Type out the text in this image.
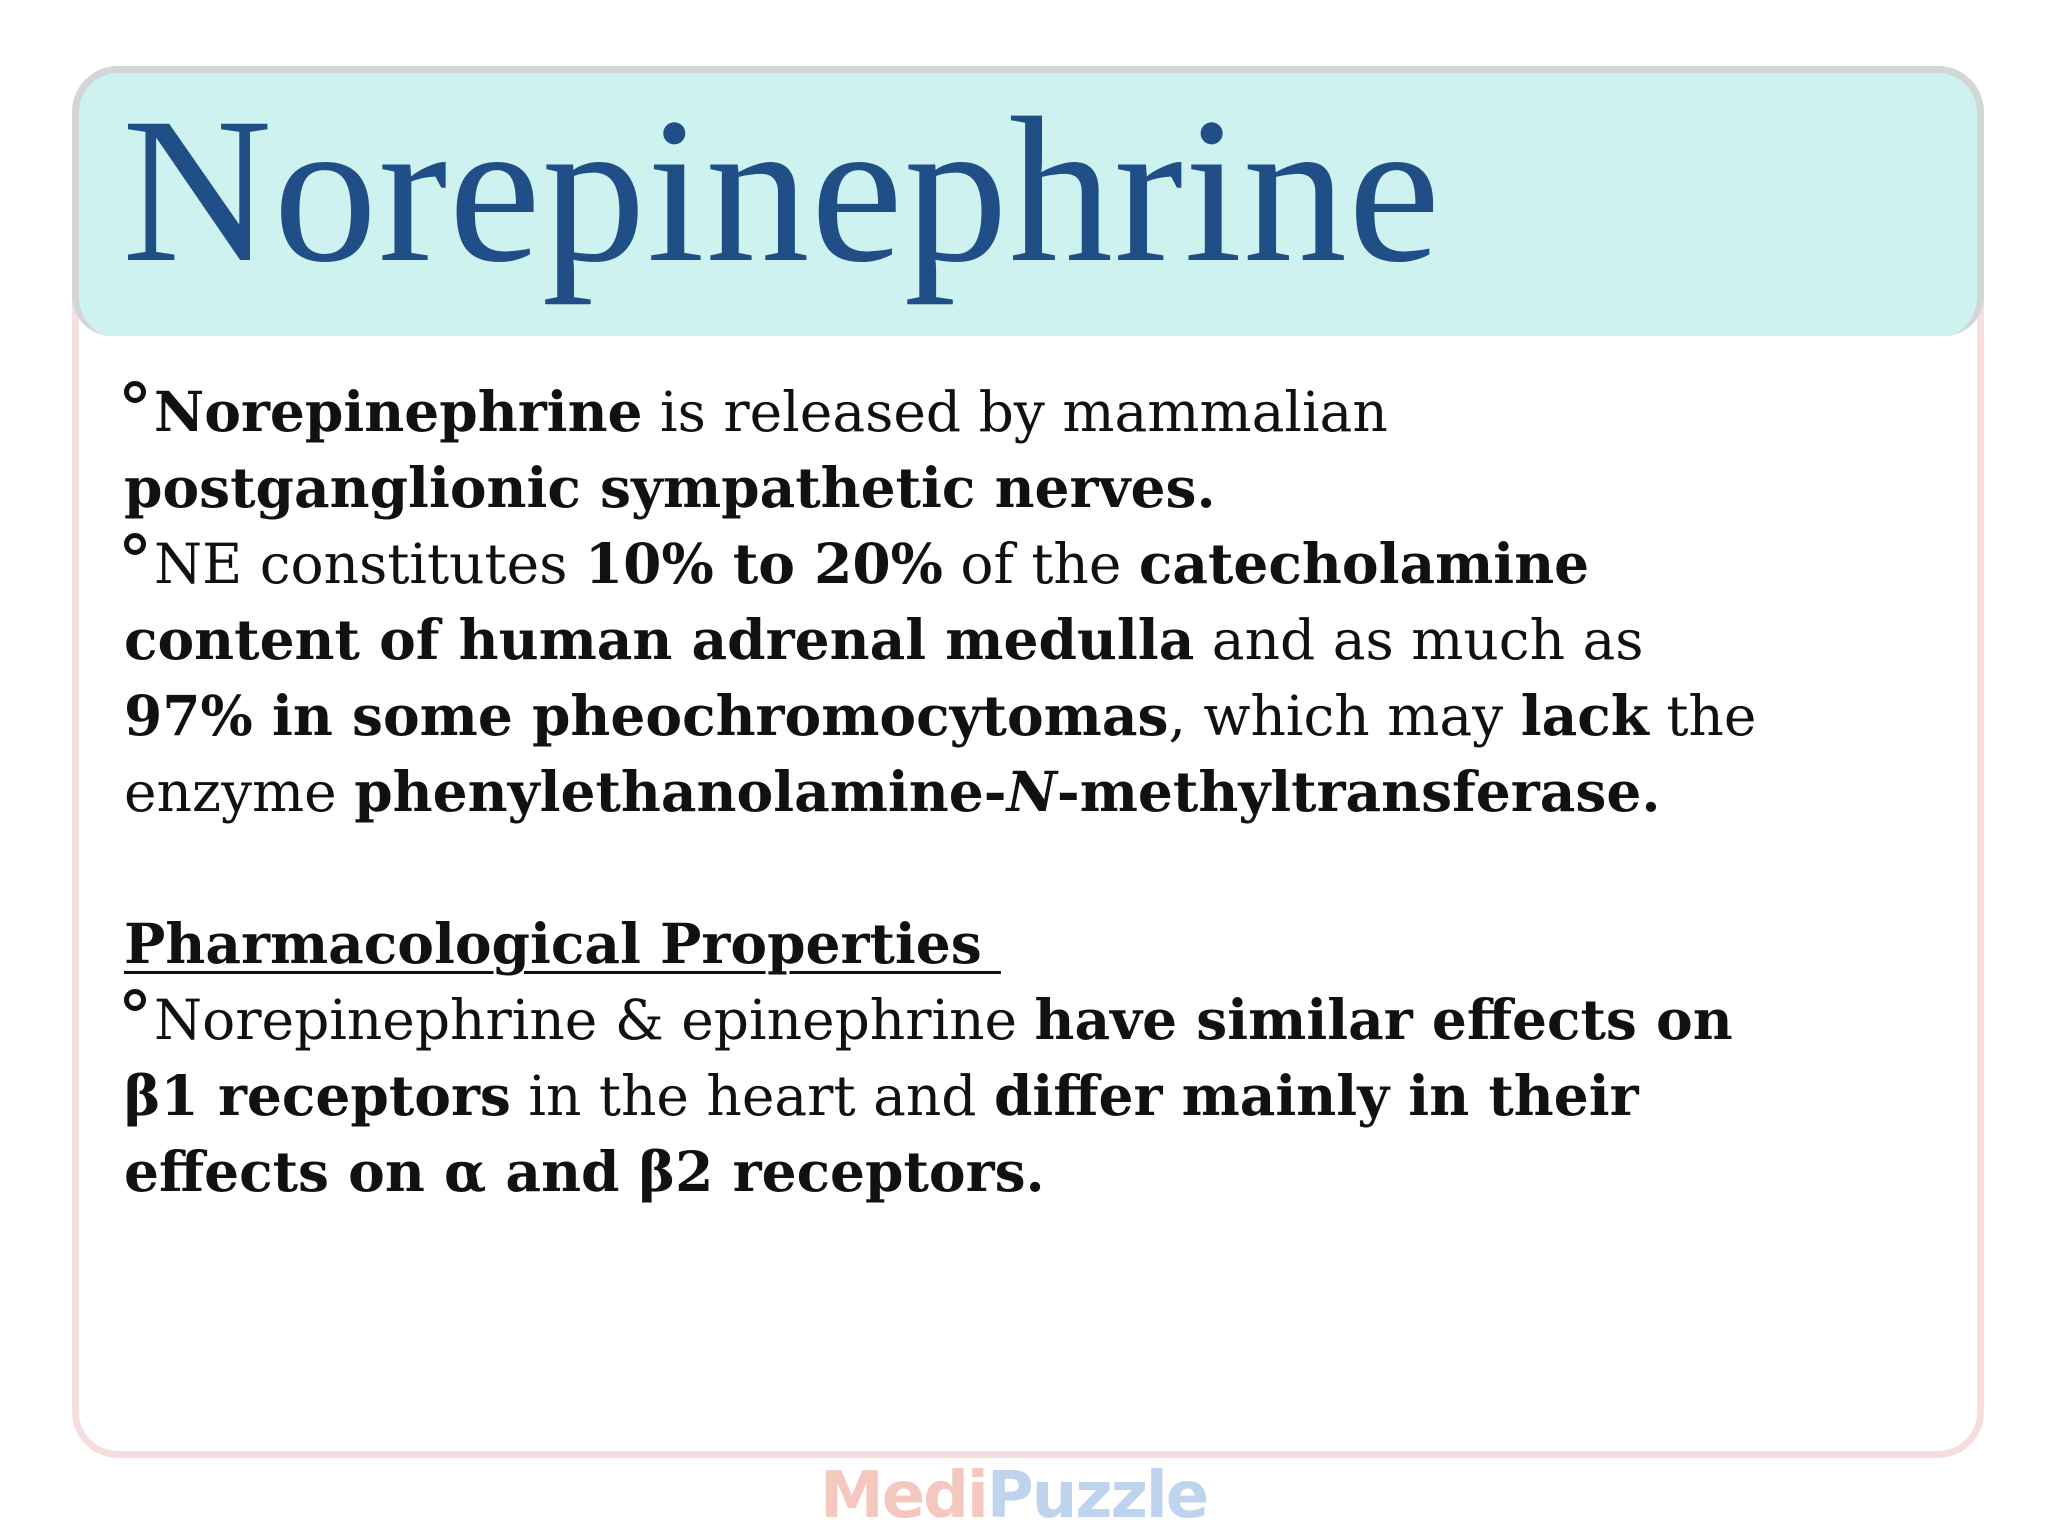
Norepinephrine

Norepinephrine is released by mammalian postganglionic sympathetic nerves.

NE constitutes 10% to 20% of the catecholamine content of human adrenal medulla and as much as 97% in some pheochromocytomas, which may lack the enzyme phenylethanolamine-N-methyltransferase.

Pharmacological Properties

Norepinephrine & epinephrine have similar effects on β1 receptors in the heart and differ mainly in their effects on α and β2 receptors.

MediPuzzle
